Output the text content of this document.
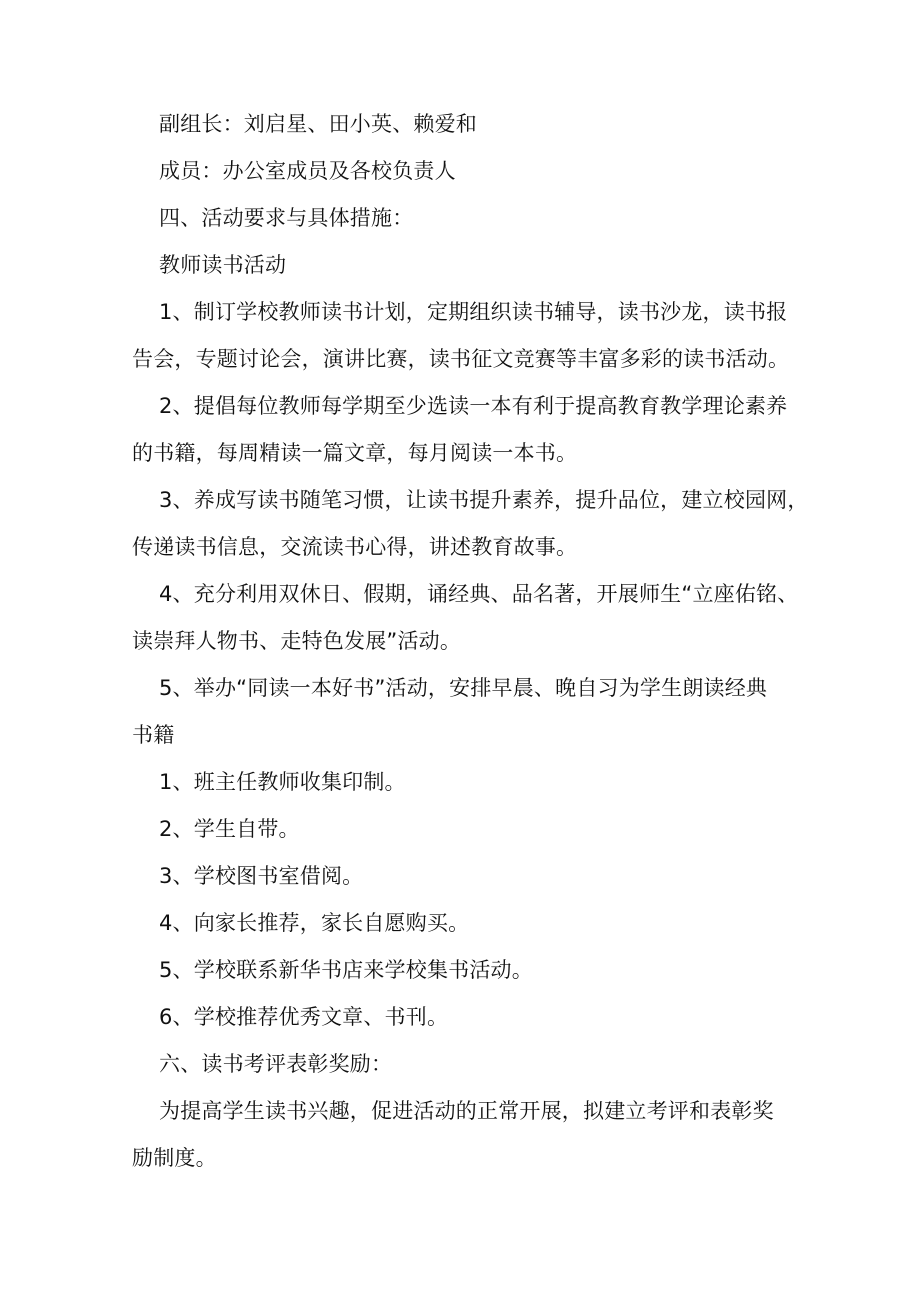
副组长：刘启星、田小英、赖爱和
成员：办公室成员及各校负责人
四、活动要求与具体措施：
教师读书活动
1、制订学校教师读书计划，定期组织读书辅导，读书沙龙，读书报
告会，专题讨论会，演讲比赛，读书征文竞赛等丰富多彩的读书活动。
2、提倡每位教师每学期至少选读一本有利于提高教育教学理论素养
的书籍，每周精读一篇文章，每月阅读一本书。
3、养成写读书随笔习惯，让读书提升素养，提升品位，建立校园网，
传递读书信息，交流读书心得，讲述教育故事。
4、充分利用双休日、假期，诵经典、品名著，开展师生“立座佑铭、
读崇拜人物书、走特色发展”活动。
5、举办“同读一本好书”活动，安排早晨、晚自习为学生朗读经典
书籍
1、班主任教师收集印制。
2、学生自带。
3、学校图书室借阅。
4、向家长推荐，家长自愿购买。
5、学校联系新华书店来学校集书活动。
6、学校推荐优秀文章、书刊。
六、读书考评表彰奖励：
为提高学生读书兴趣，促进活动的正常开展，拟建立考评和表彰奖
励制度。
